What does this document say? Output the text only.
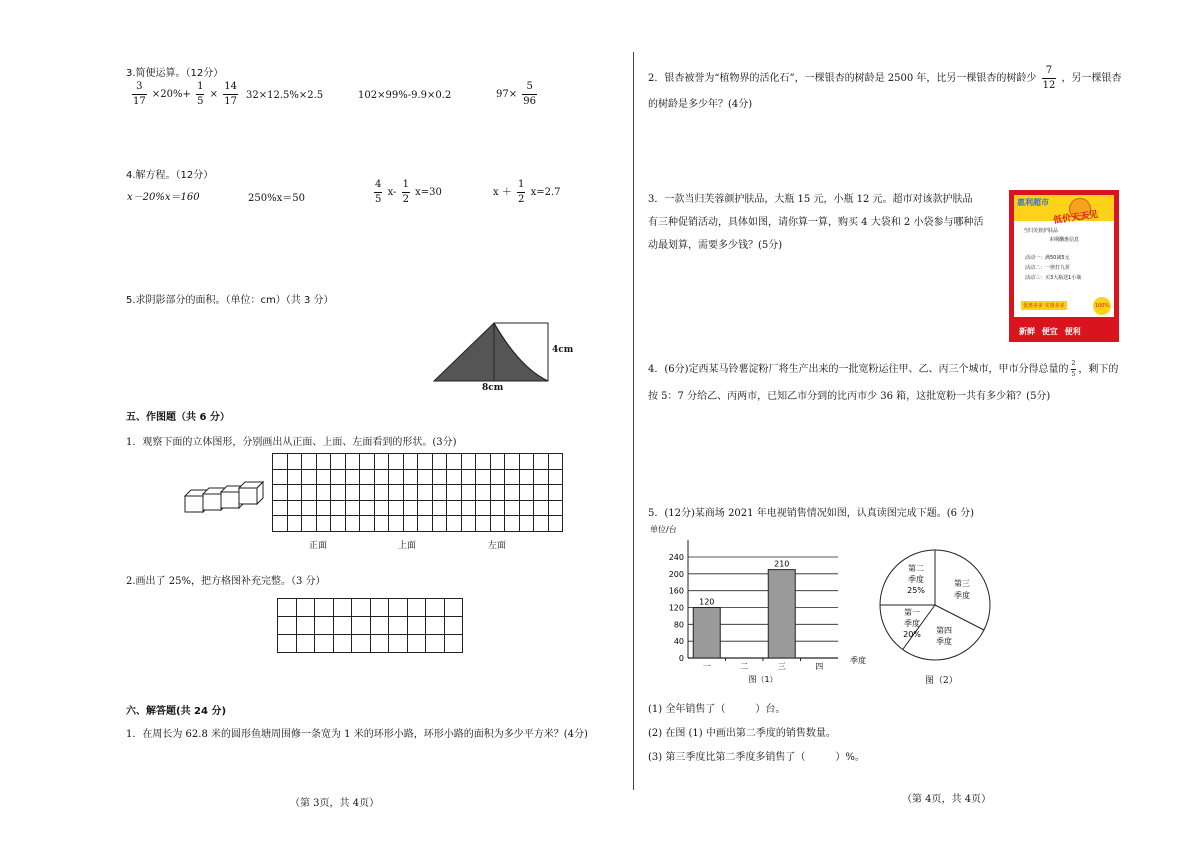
3.简便运算。（12分）
$\frac{3}{17} \times 20\%+ \frac{1}{5} \times \frac{14}{17} 32\times 12.5\%\times 2.5$	102×99%-9.9×0.2	$97\times \frac{5}{96}$
4.解方程。（12分）
x－20%x＝160	250%x＝50	$\frac{4}{5} x- \frac{1}{2} x=30$	$x + \frac{1}{2} x=2.7$
5.求阴影部分的面积。（单位：cm）（共 3 分）
4cm
8cm
五、作图题（共 6 分）
1．观察下面的立体图形，分别画出从正面、上面、左面看到的形状。(3分)

正面	上面	左面
2.画出了 25%，把方格图补充完整。（3 分）

六、解答题(共 24 分)
1．在周长为 62.8 米的圆形鱼塘周围修一条宽为 1 米的环形小路，环形小路的面积为多少平方米？(4分)
（第 3页，共 4页）
2．银杏被誉为“植物界的活化石”，一棵银杏的树龄是 2500 年，比另一棵银杏的树龄少 $\frac{7}{12}$ ，另一棵银杏
的树龄是多少年？(4分)
3．一款当归芙蓉颜护肤品，大瓶 15 元，小瓶 12 元。超市对该款护肤品
有三种促销活动，具体如图，请你算一算，购买 4 大袋和 2 小袋参与哪种活
动最划算，需要多少钱？(5分)
惠利超市
低价天天见
当归芙蓉护肤品
本期酬惠信息
活动一：满50减5元
活动二：一律打九折
活动三：买3大瓶送1小瓶
优惠多多 实惠多多	100%
新鲜 便宜 便利
4．(6分)定西某马铃薯淀粉厂将生产出来的一批宽粉运往甲、乙、丙三个城市，甲市分得总量的 $\frac{2}{5}$ ，剩下的
按 5：7 分给乙、丙两市，已知乙市分到的比丙市少 36 箱，这批宽粉一共有多少箱？(5分)
5．(12分)某商场 2021 年电视销售情况如图，认真读图完成下题。(6 分)
单位/台
0
40
80
120
160
200
240
一
120
二	三
210
四
季度
图（1）
第二
季度
25%
第三
季度
第一
季度
20% 第四
季度
图（2）
(1) 全年销售了（　　　）台。
(2) 在图 (1) 中画出第二季度的销售数量。
(3) 第三季度比第二季度多销售了（　　　）%。
（第 4页，共 4页）
